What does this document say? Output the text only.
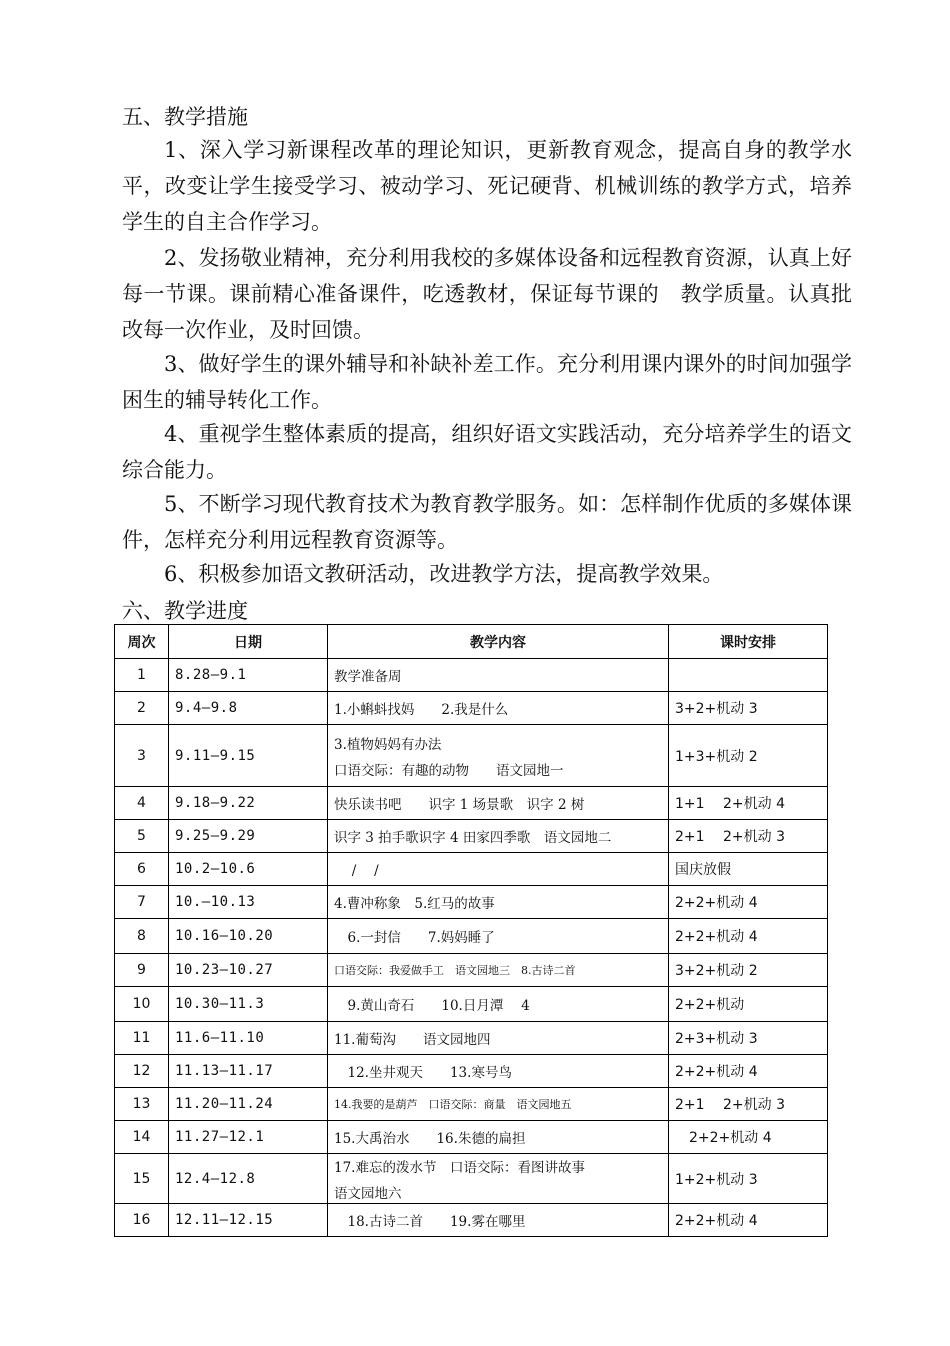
五、教学措施

1、深入学习新课程改革的理论知识，更新教育观念，提高自身的教学水平，改变让学生接受学习、被动学习、死记硬背、机械训练的教学方式，培养学生的自主合作学习。

2、发扬敬业精神，充分利用我校的多媒体设备和远程教育资源，认真上好每一节课。课前精心准备课件，吃透教材，保证每节课的　教学质量。认真批改每一次作业，及时回馈。

3、做好学生的课外辅导和补缺补差工作。充分利用课内课外的时间加强学困生的辅导转化工作。

4、重视学生整体素质的提高，组织好语文实践活动，充分培养学生的语文综合能力。

5、不断学习现代教育技术为教育教学服务。如：怎样制作优质的多媒体课件，怎样充分利用远程教育资源等。

6、积极参加语文教研活动，改进教学方法，提高教学效果。

六、教学进度
周次	日期	教学内容	课时安排
1	8.28—9.1	教学准备周	
2	9.4—9.8	1.小蝌蚪找妈　　2.我是什么	3+2+机动 3
3	9.11—9.15	3.植物妈妈有办法
口语交际：有趣的动物　　语文园地一	1+3+机动 2
4	9.18—9.22	快乐读书吧　　识字 1 场景歌　识字 2 树	1+1　 2+机动 4
5	9.25—9.29	识字 3 拍手歌识字 4 田家四季歌　语文园地二	2+1　 2+机动 3
6	10.2—10.6	　 /　 /	国庆放假
7	10.—10.13	4.曹冲称象　5.红马的故事	2+2+机动 4
8	10.16—10.20	　6.一封信　　7.妈妈睡了	2+2+机动 4
9	10.23—10.27	口语交际：我爱做手工　语文园地三　8.古诗二首	3+2+机动 2
10	10.30—11.3	　9.黄山奇石　　10.日月潭　 4	2+2+机动
11	11.6—11.10	11.葡萄沟　　语文园地四	2+3+机动 3
12	11.13—11.17	　12.坐井观天　　13.寒号鸟	2+2+机动 4
13	11.20—11.24	14.我要的是葫芦　口语交际：商量　语文园地五	2+1　 2+机动 3
14	11.27—12.1	15.大禹治水　　16.朱德的扁担	　2+2+机动 4
15	12.4—12.8	17.难忘的泼水节　口语交际：看图讲故事
语文园地六	1+2+机动 3
16	12.11—12.15	　18.古诗二首　　19.雾在哪里	2+2+机动 4
